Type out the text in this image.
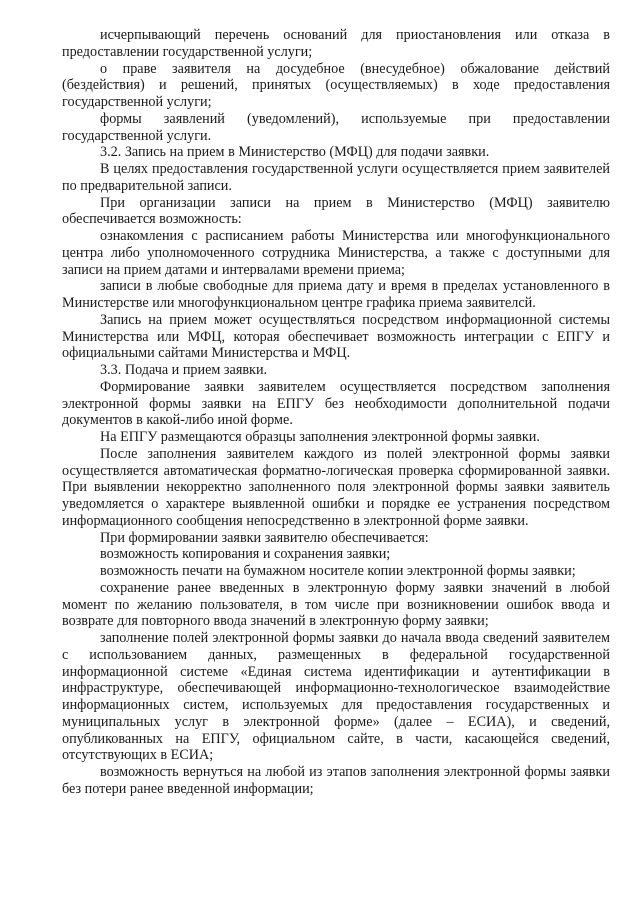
исчерпывающий перечень оснований для приостановления или отказа в предоставлении государственной услуги;

о праве заявителя на досудебное (внесудебное) обжалование действий (бездействия) и решений, принятых (осуществляемых) в ходе предоставления государственной услуги;

формы заявлений (уведомлений), используемые при предоставлении государственной услуги.

3.2. Запись на прием в Министерство (МФЦ) для подачи заявки.

В целях предоставления государственной услуги осуществляется прием заявителей по предварительной записи.

При организации записи на прием в Министерство (МФЦ) заявителю обеспечивается возможность:

ознакомления с расписанием работы Министерства или многофункционального центра либо уполномоченного сотрудника Министерства, а также с доступными для записи на прием датами и интервалами времени приема;

записи в любые свободные для приема дату и время в пределах установленного в Министерстве или многофункциональном центре графика приема заявителсй.

Запись на прием может осуществляться посредством информационной системы Министерства или МФЦ, которая обеспечивает возможность интеграции с ЕПГУ и официальными сайтами Министерства и МФЦ.

3.3. Подача и прием заявки.

Формирование заявки заявителем осуществляется посредством заполнения электронной формы заявки на ЕПГУ без необходимости дополнительной подачи документов в какой-либо иной форме.

На ЕПГУ размещаются образцы заполнения электронной формы заявки.

После заполнения заявителем каждого из полей электронной формы заявки осуществляется автоматическая форматно-логическая проверка сформированной заявки. При выявлении некорректно заполненного поля электронной формы заявки заявитель уведомляется о характере выявленной ошибки и порядке ее устранения посредством информационного сообщения непосредственно в электронной форме заявки.

При формировании заявки заявителю обеспечивается:

возможность копирования и сохранения заявки;

возможность печати на бумажном носителе копии электронной формы заявки;

сохранение ранее введенных в электронную форму заявки значений в любой момент по желанию пользователя, в том числе при возникновении ошибок ввода и возврате для повторного ввода значений в электронную форму заявки;

заполнение полей электронной формы заявки до начала ввода сведений заявителем с использованием данных, размещенных в федеральной государственной информационной системе «Единая система идентификации и аутентификации в инфраструктуре, обеспечивающей информационно-технологическое взаимодействие информационных систем, используемых для предоставления государственных и муниципальных услуг в электронной форме» (далее – ЕСИА), и сведений, опубликованных на ЕПГУ, официальном сайте, в части, касающейся сведений, отсутствующих в ЕСИА;

возможность вернуться на любой из этапов заполнения электронной формы заявки без потери ранее введенной информации;
